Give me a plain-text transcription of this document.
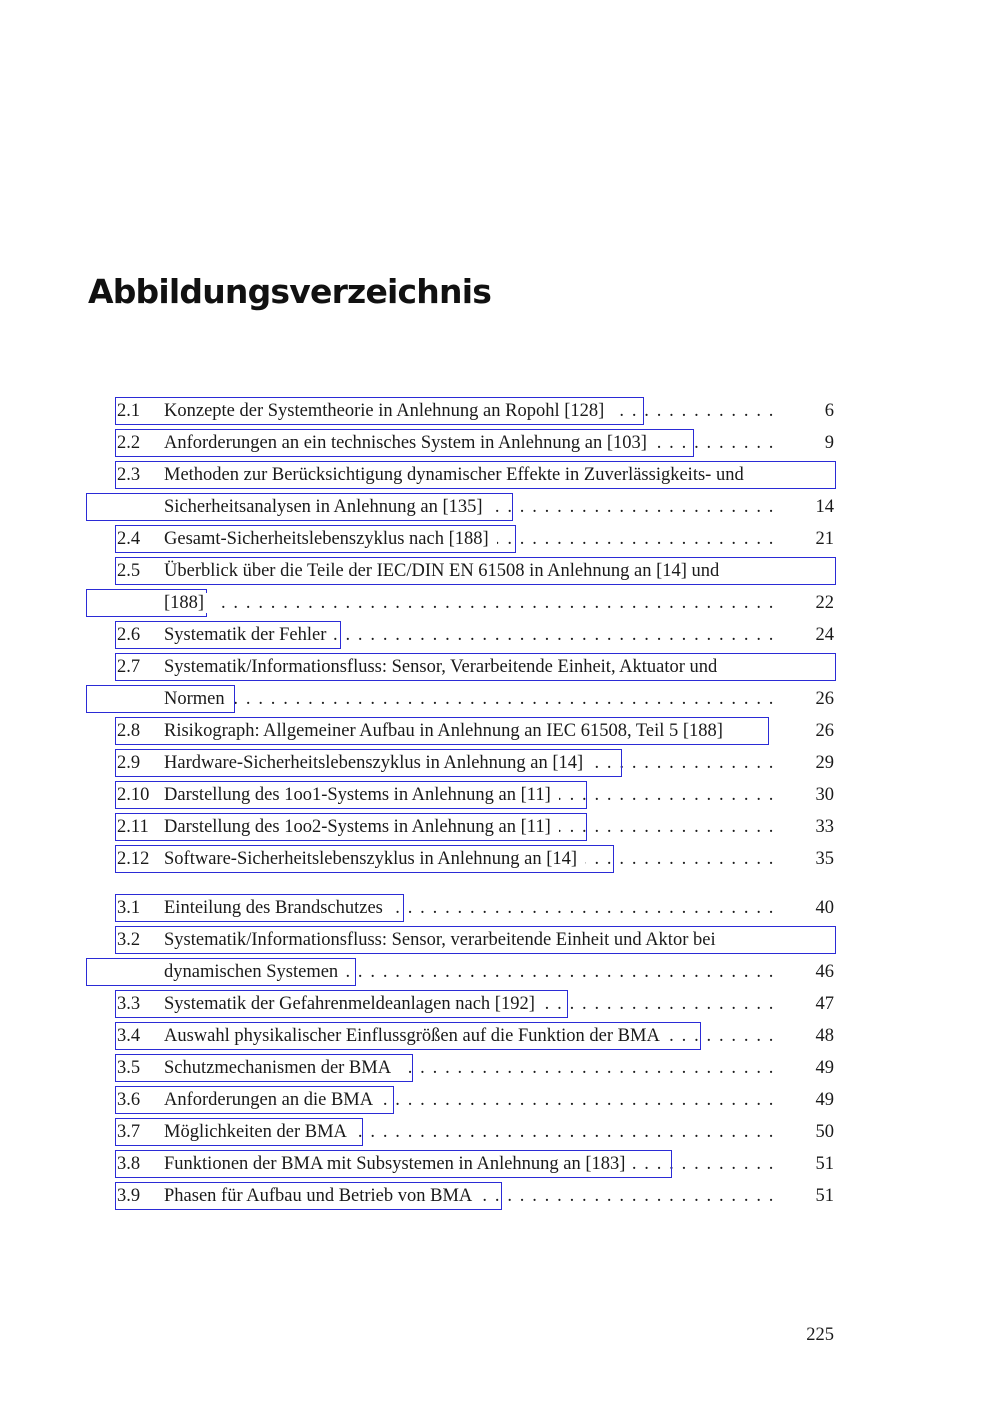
Abbildungsverzeichnis
2.1 Konzepte der Systemtheorie in Anlehnung an Ropohl [128] . . .	6
2.2 Anforderungen an ein technisches System in Anlehnung an [103] . . .	9
2.3 Methoden zur Berücksichtigung dynamischer Effekte in Zuverlässigkeits- und
Sicherheitsanalysen in Anlehnung an [135] . . .	14
2.4 Gesamt-Sicherheitslebenszyklus nach [188] . . .	21
2.5 Überblick über die Teile der IEC/DIN EN 61508 in Anlehnung an [14] und
[188] . . .	22
2.6 Systematik der Fehler . . .	24
2.7 Systematik/Informationsfluss: Sensor, Verarbeitende Einheit, Aktuator und
Normen . . .	26
2.8 Risikograph: Allgemeiner Aufbau in Anlehnung an IEC 61508, Teil 5 [188]	26
2.9 Hardware-Sicherheitslebenszyklus in Anlehnung an [14] . . .	29
2.10 Darstellung des 1oo1-Systems in Anlehnung an [11] . . .	30
2.11 Darstellung des 1oo2-Systems in Anlehnung an [11] . . .	33
2.12 Software-Sicherheitslebenszyklus in Anlehnung an [14] . . .	35
3.1 Einteilung des Brandschutzes . . .	40
3.2 Systematik/Informationsfluss: Sensor, verarbeitende Einheit und Aktor bei
dynamischen Systemen . . .	46
3.3 Systematik der Gefahrenmeldeanlagen nach [192] . . .	47
3.4 Auswahl physikalischer Einflussgrößen auf die Funktion der BMA . . .	48
3.5 Schutzmechanismen der BMA . . .	49
3.6 Anforderungen an die BMA . . .	49
3.7 Möglichkeiten der BMA . . .	50
3.8 Funktionen der BMA mit Subsystemen in Anlehnung an [183] . . .	51
3.9 Phasen für Aufbau und Betrieb von BMA . . .	51
225
